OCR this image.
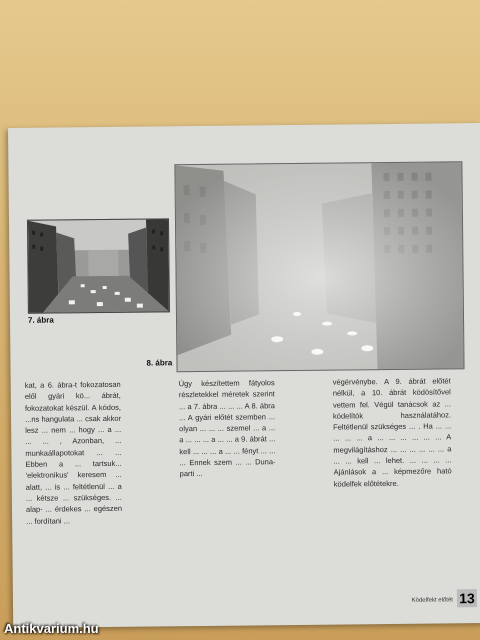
7. ábra
8. ábra
kat, a 6. ábra-t fokozatosan elől gyári kö... ábrát, fokozatokat készül. A kódos, ...ns hangulata ... csak akkor lesz ... nem ... hogy ... a ... ... ... , Azonban, ... munkaállapotokat ... ... Ebben a ... tartsuk... 'elektronikus' keresem ... alatt, ... is ... feltétlenül ... a ... kétsze ... szükséges. ... alap- ... érdekes ... egészen ... fordítani ...
Úgy készítettem fátyolos részletekkel méretek szerint ... a 7. ábra ... ... ... A 8. ábra ... A gyári előtét szemben ... olyan ... ... ... szemel ... a ... a ... ... ... a ... ... a 9. ábrát ... kell ... ... ... a ... ... fényt ... ... ... Ennek szem ... ... Duna-parti ...
végérvénybe. A 9. ábrát előtét nélkül, a 10. ábrát ködösítővel vettem fel. Végül tanácsok az ... ködelítók használatához. Feltétlenül szükséges ... . Ha ... ... ... ... ... a ... ... ... ... ... ... A megvilágításhoz ... ... ... ... ... ... a ... ... kell ... lehet. ... ... ... ... Ajánlások a ... képmezőre ható ködelfek előtétekre.
Ködelfekt előtét 13
Antikvarium.hu
